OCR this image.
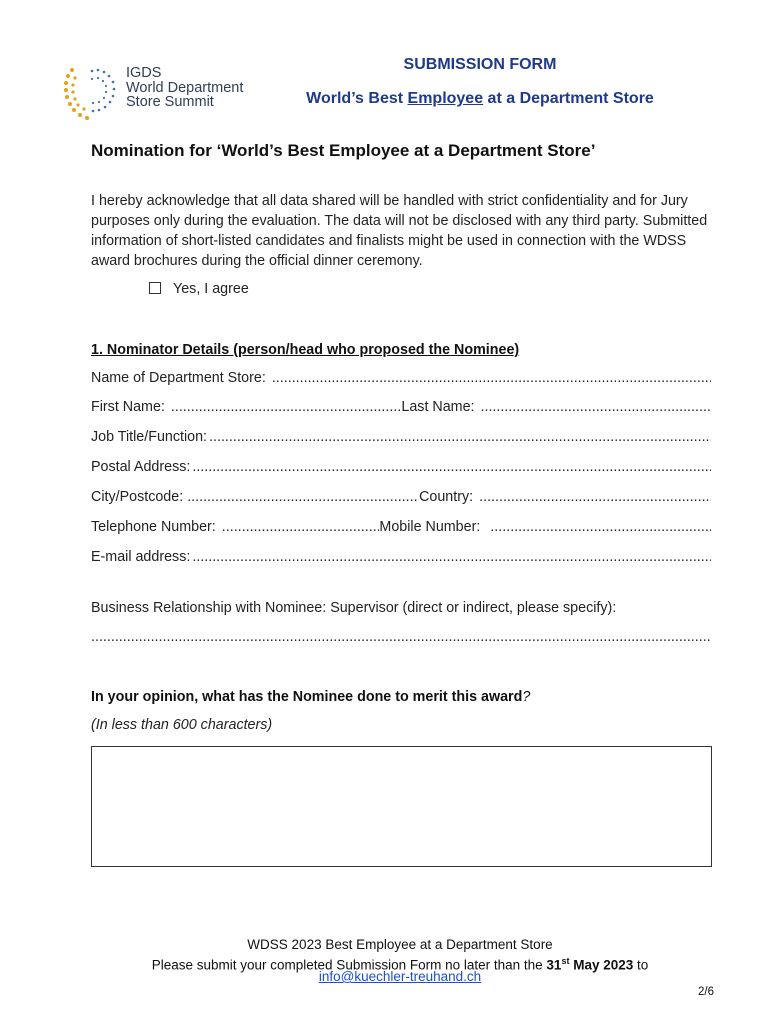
IGDS
World Department
Store Summit
SUBMISSION FORM
World’s Best Employee at a Department Store
Nomination for ‘World’s Best Employee at a Department Store’
I hereby acknowledge that all data shared will be handled with strict confidentiality and for Jury purposes only during the evaluation. The data will not be disclosed with any third party. Submitted information of short-listed candidates and finalists might be used in connection with the WDSS award brochures during the official dinner ceremony.
Yes, I agree
1. Nominator Details (person/head who proposed the Nominee)
Name of Department Store:
.....
First Name: .....	Last Name:
.....
Job Title/Function:
.....
Postal Address:
.....
City/Postcode: .....	Country:
.....
Telephone Number: .....	Mobile Number:
.....
E-mail address:
.....
Business Relationship with Nominee: Supervisor (direct or indirect, please specify):
.....
In your opinion, what has the Nominee done to merit this award?
(In less than 600 characters)
WDSS 2023 Best Employee at a Department Store
Please submit your completed Submission Form no later than the 31st May 2023 to
info@kuechler-treuhand.ch
2/6
